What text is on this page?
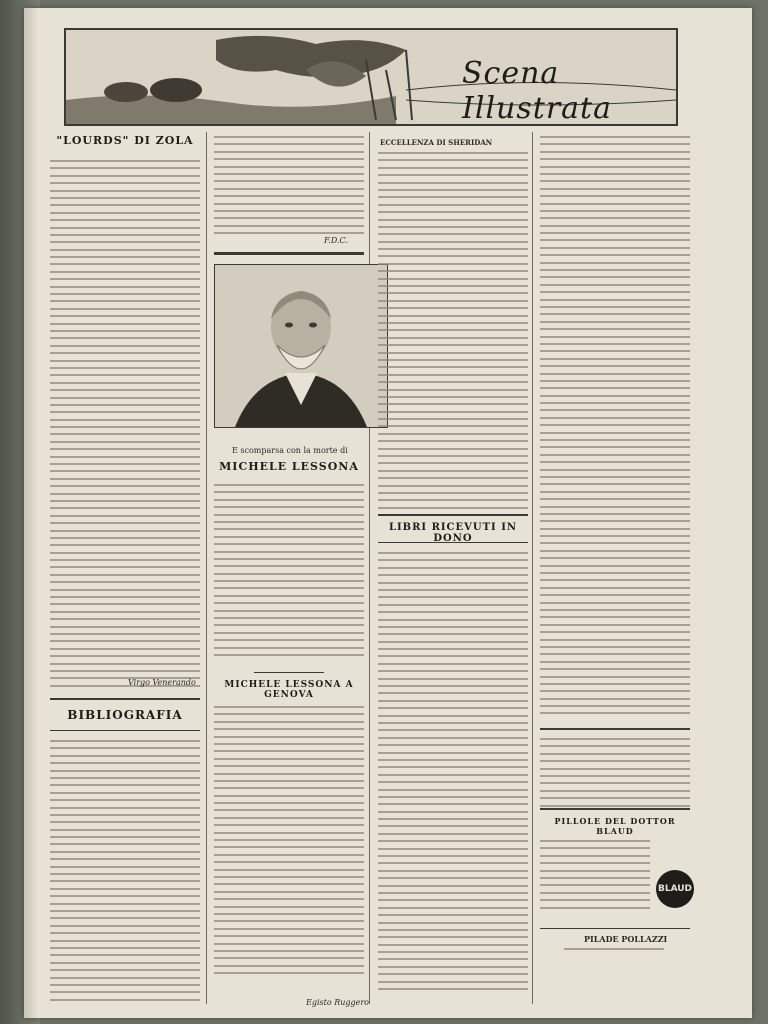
Scena Illustrata
"LOURDS" DI ZOLA
Virgo Venerando
BIBLIOGRAFIA
F.D.C.
E scomparsa con la morte di
MICHELE LESSONA
MICHELE LESSONA A GENOVA
Egisto Ruggero
ECCELLENZA DI SHERIDAN
LIBRI RICEVUTI IN DONO
PILLOLE DEL DOTTOR BLAUD
BLAUD
PILADE POLLAZZI
